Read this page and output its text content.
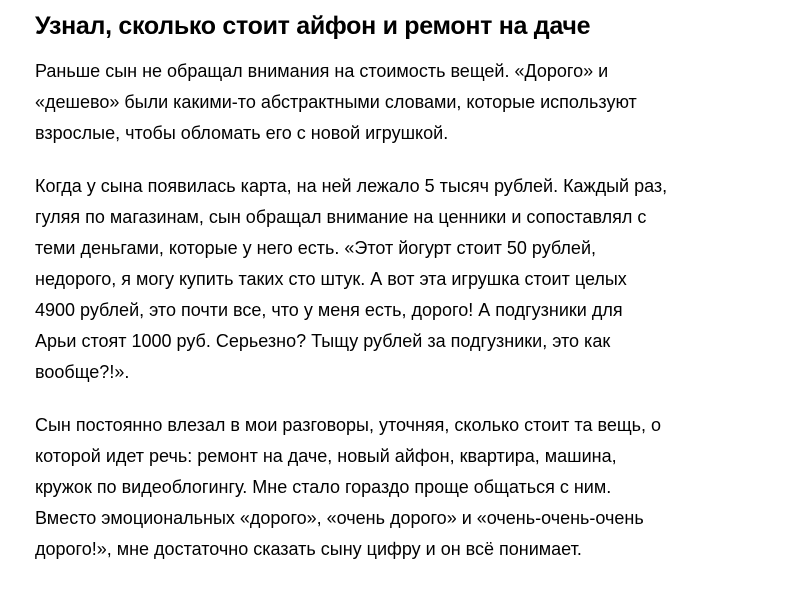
Узнал, сколько стоит айфон и ремонт на даче

Раньше сын не обращал внимания на стоимость вещей. «Дорого» и
«дешево» были какими-то абстрактными словами, которые используют
взрослые, чтобы обломать его с новой игрушкой.

Когда у сына появилась карта, на ней лежало 5 тысяч рублей. Каждый раз,
гуляя по магазинам, сын обращал внимание на ценники и сопоставлял с
теми деньгами, которые у него есть. «Этот йогурт стоит 50 рублей,
недорого, я могу купить таких сто штук. А вот эта игрушка стоит целых
4900 рублей, это почти все, что у меня есть, дорого! А подгузники для
Арьи стоят 1000 руб. Серьезно? Тыщу рублей за подгузники, это как
вообще?!».

Сын постоянно влезал в мои разговоры, уточняя, сколько стоит та вещь, о
которой идет речь: ремонт на даче, новый айфон, квартира, машина,
кружок по видеоблогингу. Мне стало гораздо проще общаться с ним.
Вместо эмоциональных «дорого», «очень дорого» и «очень-очень-очень
дорого!», мне достаточно сказать сыну цифру и он всё понимает.
